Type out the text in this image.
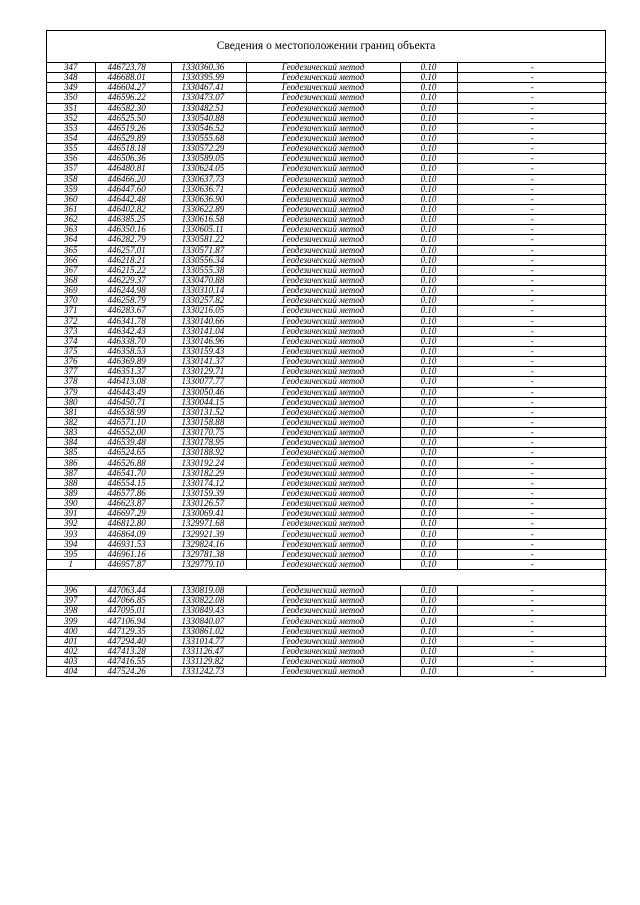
Сведения о местоположении границ объекта
347	446723.78	1330360.36	Геодезический метод	0.10	-
348	446688.01	1330395.99	Геодезический метод	0.10	-
349	446604.27	1330467.41	Геодезический метод	0.10	-
350	446596.22	1330473.07	Геодезический метод	0.10	-
351	446582.30	1330482.51	Геодезический метод	0.10	-
352	446525.50	1330540.88	Геодезический метод	0.10	-
353	446519.26	1330546.52	Геодезический метод	0.10	-
354	446529.89	1330555.68	Геодезический метод	0.10	-
355	446518.18	1330572.29	Геодезический метод	0.10	-
356	446506.36	1330589.05	Геодезический метод	0.10	-
357	446480.81	1330624.05	Геодезический метод	0.10	-
358	446466.20	1330637.73	Геодезический метод	0.10	-
359	446447.60	1330636.71	Геодезический метод	0.10	-
360	446442.48	1330636.90	Геодезический метод	0.10	-
361	446402.82	1330622.89	Геодезический метод	0.10	-
362	446385.25	1330616.58	Геодезический метод	0.10	-
363	446350.16	1330605.11	Геодезический метод	0.10	-
364	446282.79	1330581.22	Геодезический метод	0.10	-
365	446257.01	1330571.87	Геодезический метод	0.10	-
366	446218.21	1330556.34	Геодезический метод	0.10	-
367	446215.22	1330555.38	Геодезический метод	0.10	-
368	446229.37	1330470.88	Геодезический метод	0.10	-
369	446244.98	1330310.14	Геодезический метод	0.10	-
370	446258.79	1330257.82	Геодезический метод	0.10	-
371	446283.67	1330216.05	Геодезический метод	0.10	-
372	446341.78	1330140.66	Геодезический метод	0.10	-
373	446342.43	1330141.04	Геодезический метод	0.10	-
374	446338.70	1330146.96	Геодезический метод	0.10	-
375	446358.53	1330159.43	Геодезический метод	0.10	-
376	446369.89	1330141.37	Геодезический метод	0.10	-
377	446351.37	1330129.71	Геодезический метод	0.10	-
378	446413.08	1330077.77	Геодезический метод	0.10	-
379	446443.49	1330050.46	Геодезический метод	0.10	-
380	446450.71	1330044.15	Геодезический метод	0.10	-
381	446538.99	1330131.52	Геодезический метод	0.10	-
382	446571.10	1330158.88	Геодезический метод	0.10	-
383	446552.00	1330170.75	Геодезический метод	0.10	-
384	446539.48	1330178.95	Геодезический метод	0.10	-
385	446524.65	1330188.92	Геодезический метод	0.10	-
386	446526.88	1330192.24	Геодезический метод	0.10	-
387	446541.70	1330182.29	Геодезический метод	0.10	-
388	446554.15	1330174.12	Геодезический метод	0.10	-
389	446577.86	1330159.39	Геодезический метод	0.10	-
390	446623.87	1330126.57	Геодезический метод	0.10	-
391	446697.29	1330069.41	Геодезический метод	0.10	-
392	446812.80	1329971.68	Геодезический метод	0.10	-
393	446864.09	1329921.39	Геодезический метод	0.10	-
394	446931.53	1329824.16	Геодезический метод	0.10	-
395	446961.16	1329781.38	Геодезический метод	0.10	-
1	446957.87	1329779.10	Геодезический метод	0.10	-

396	447063.44	1330819.08	Геодезический метод	0.10	-
397	447066.85	1330822.08	Геодезический метод	0.10	-
398	447095.01	1330849.43	Геодезический метод	0.10	-
399	447106.94	1330840.07	Геодезический метод	0.10	-
400	447129.35	1330861.02	Геодезический метод	0.10	-
401	447294.40	1331014.77	Геодезический метод	0.10	-
402	447413.28	1331126.47	Геодезический метод	0.10	-
403	447416.55	1331129.82	Геодезический метод	0.10	-
404	447524.26	1331242.73	Геодезический метод	0.10	-
